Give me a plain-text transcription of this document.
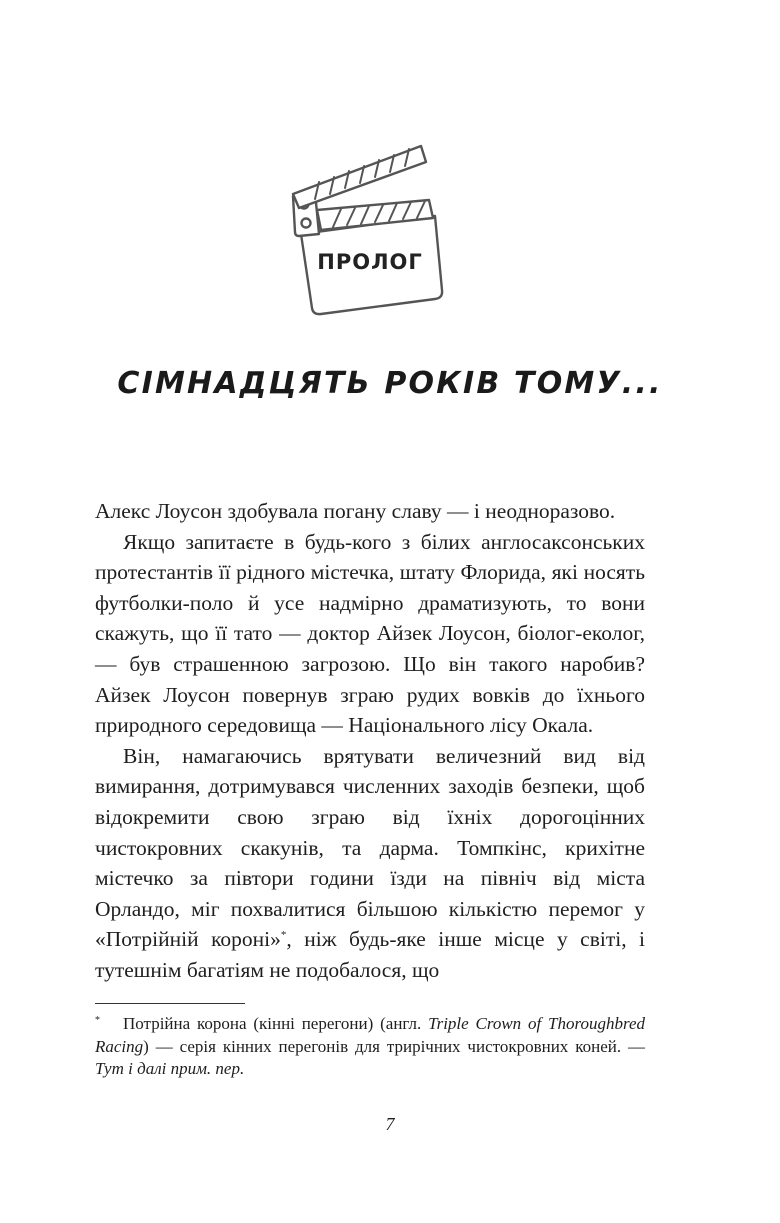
ПРОЛОГ
СІМНАДЦЯТЬ РОКІВ ТОМУ...

Алекс Лоусон здобувала погану славу — і неодноразово.

Якщо запитаєте в будь-кого з білих англосаксонських протестантів її рідного містечка, штату Флорида, які носять футболки-поло й усе надмірно драматизують, то вони скажуть, що її тато — доктор Айзек Лоусон, біолог-еколог, — був страшенною загрозою. Що він такого наробив? Айзек Лоусон повернув зграю рудих вовків до їхнього природного середовища — Національного лісу Окала.

Він, намагаючись врятувати величезний вид від вимирання, дотримувався численних заходів безпеки, щоб відокремити свою зграю від їхніх дорогоцінних чистокровних скакунів, та дарма. Томпкінс, крихітне містечко за півтори години їзди на північ від міста Орландо, міг похвалитися більшою кількістю перемог у «Потрійній короні»*, ніж будь-яке інше місце у світі, і тутешнім багатіям не подобалося, що

*	Потрійна корона (кінні перегони) (англ. Triple Crown of Thoroughbred Racing) — серія кінних перегонів для трирічних чистокровних коней. — Тут і далі прим. пер.
7
